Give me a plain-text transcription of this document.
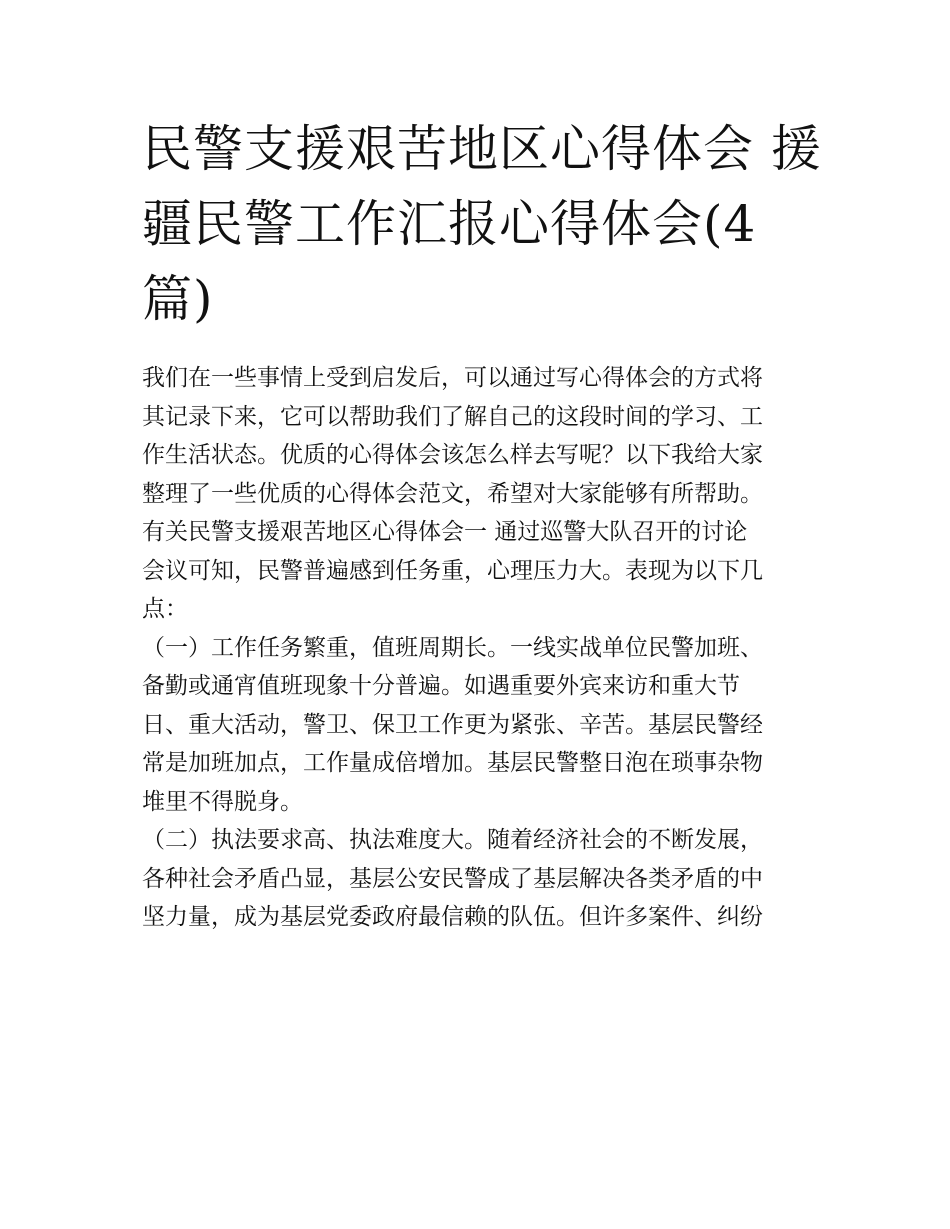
民警支援艰苦地区心得体会 援
疆民警工作汇报心得体会(4
篇)

我们在一些事情上受到启发后，可以通过写心得体会的方式将
其记录下来，它可以帮助我们了解自己的这段时间的学习、工
作生活状态。优质的心得体会该怎么样去写呢？以下我给大家
整理了一些优质的心得体会范文，希望对大家能够有所帮助。

有关民警支援艰苦地区心得体会一 通过巡警大队召开的讨论
会议可知，民警普遍感到任务重，心理压力大。表现为以下几
点：

（一）工作任务繁重，值班周期长。一线实战单位民警加班、
备勤或通宵值班现象十分普遍。如遇重要外宾来访和重大节
日、重大活动，警卫、保卫工作更为紧张、辛苦。基层民警经
常是加班加点，工作量成倍增加。基层民警整日泡在琐事杂物
堆里不得脱身。

（二）执法要求高、执法难度大。随着经济社会的不断发展，
各种社会矛盾凸显，基层公安民警成了基层解决各类矛盾的中
坚力量，成为基层党委政府最信赖的队伍。但许多案件、纠纷
